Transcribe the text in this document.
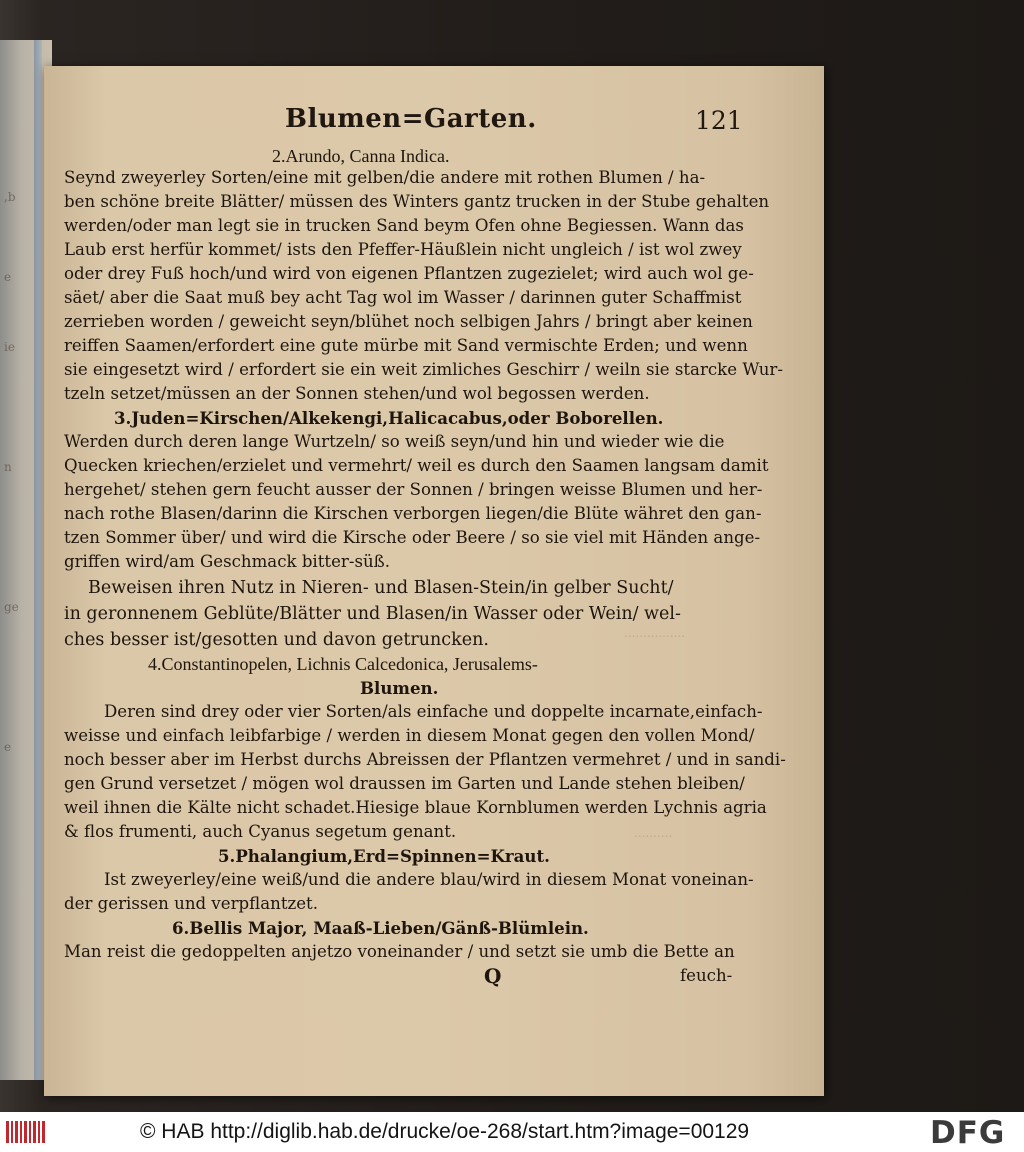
,b
e
ie
n
ge
e
................
..........
Blumen=Garten.	121
2.Arundo, Canna Indica.
Seynd zweyerley Sorten/eine mit gelben/die andere mit rothen Blumen / ha-
ben schöne breite Blätter/ müssen des Winters gantz trucken in der Stube gehalten
werden/oder man legt sie in trucken Sand beym Ofen ohne Begiessen. Wann das
Laub erst herfür kommet/ ists den Pfeffer-Häußlein nicht ungleich / ist wol zwey
oder drey Fuß hoch/und wird von eigenen Pflantzen zugezielet; wird auch wol ge-
säet/ aber die Saat muß bey acht Tag wol im Wasser / darinnen guter Schaffmist
zerrieben worden / geweicht seyn/blühet noch selbigen Jahrs / bringt aber keinen
reiffen Saamen/erfordert eine gute mürbe mit Sand vermischte Erden; und wenn
sie eingesetzt wird / erfordert sie ein weit zimliches Geschirr / weiln sie starcke Wur-
tzeln setzet/müssen an der Sonnen stehen/und wol begossen werden.
3.Juden=Kirschen/Alkekengi,Halicacabus,oder Boborellen.
Werden durch deren lange Wurtzeln/ so weiß seyn/und hin und wieder wie die
Quecken kriechen/erzielet und vermehrt/ weil es durch den Saamen langsam damit
hergehet/ stehen gern feucht ausser der Sonnen / bringen weisse Blumen und her-
nach rothe Blasen/darinn die Kirschen verborgen liegen/die Blüte währet den gan-
tzen Sommer über/ und wird die Kirsche oder Beere / so sie viel mit Händen ange-
griffen wird/am Geschmack bitter-süß.
Beweisen ihren Nutz in Nieren- und Blasen-Stein/in gelber Sucht/
in geronnenem Geblüte/Blätter und Blasen/in Wasser oder Wein/ wel-
ches besser ist/gesotten und davon getruncken.
4.Constantinopelen, Lichnis Calcedonica, Jerusalems-
Blumen.
Deren sind drey oder vier Sorten/als einfache und doppelte incarnate,einfach-
weisse und einfach leibfarbige / werden in diesem Monat gegen den vollen Mond/
noch besser aber im Herbst durchs Abreissen der Pflantzen vermehret / und in sandi-
gen Grund versetzet / mögen wol draussen im Garten und Lande stehen bleiben/
weil ihnen die Kälte nicht schadet.Hiesige blaue Kornblumen werden Lychnis agria
& flos frumenti, auch Cyanus segetum genant.
5.Phalangium,Erd=Spinnen=Kraut.
Ist zweyerley/eine weiß/und die andere blau/wird in diesem Monat voneinan-
der gerissen und verpflantzet.
6.Bellis Major, Maaß-Lieben/Gänß-Blümlein.
Man reist die gedoppelten anjetzo voneinander / und setzt sie umb die Bette an
Q	feuch-
© HAB http://diglib.hab.de/drucke/oe-268/start.htm?image=00129	DFG
